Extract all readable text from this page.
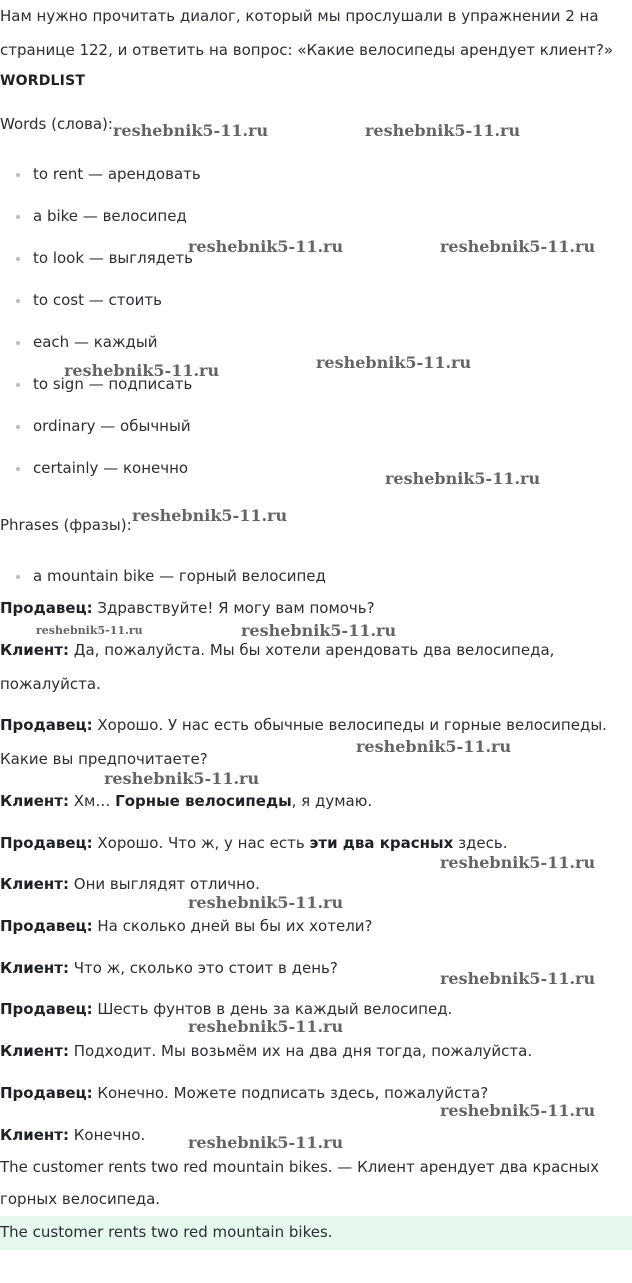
Нам нужно прочитать диалог, который мы прослушали в упражнении 2 на
странице 122, и ответить на вопрос: «Какие велосипеды арендует клиент?»
WORDLIST
Words (слова):
to rent — арендовать
a bike — велосипед
to look — выглядеть
to cost — стоить
each — каждый
to sign — подписать
ordinary — обычный
certainly — конечно
Phrases (фразы):
a mountain bike — горный велосипед
Продавец: Здравствуйте! Я могу вам помочь?
Клиент: Да, пожалуйста. Мы бы хотели арендовать два велосипеда,
пожалуйста.
Продавец: Хорошо. У нас есть обычные велосипеды и горные велосипеды.
Какие вы предпочитаете?
Клиент: Хм… Горные велосипеды, я думаю.
Продавец: Хорошо. Что ж, у нас есть эти два красных здесь.
Клиент: Они выглядят отлично.
Продавец: На сколько дней вы бы их хотели?
Клиент: Что ж, сколько это стоит в день?
Продавец: Шесть фунтов в день за каждый велосипед.
Клиент: Подходит. Мы возьмём их на два дня тогда, пожалуйста.
Продавец: Конечно. Можете подписать здесь, пожалуйста?
Клиент: Конечно.
The customer rents two red mountain bikes. — Клиент арендует два красных
горных велосипеда.
The customer rents two red mountain bikes.
reshebnik5-11.ru	reshebnik5-11.ru
reshebnik5-11.ru	reshebnik5-11.ru
reshebnik5-11.ru	reshebnik5-11.ru
reshebnik5-11.ru
reshebnik5-11.ru
reshebnik5-11.ru	reshebnik5-11.ru
reshebnik5-11.ru
reshebnik5-11.ru
reshebnik5-11.ru
reshebnik5-11.ru
reshebnik5-11.ru
reshebnik5-11.ru
reshebnik5-11.ru
reshebnik5-11.ru
